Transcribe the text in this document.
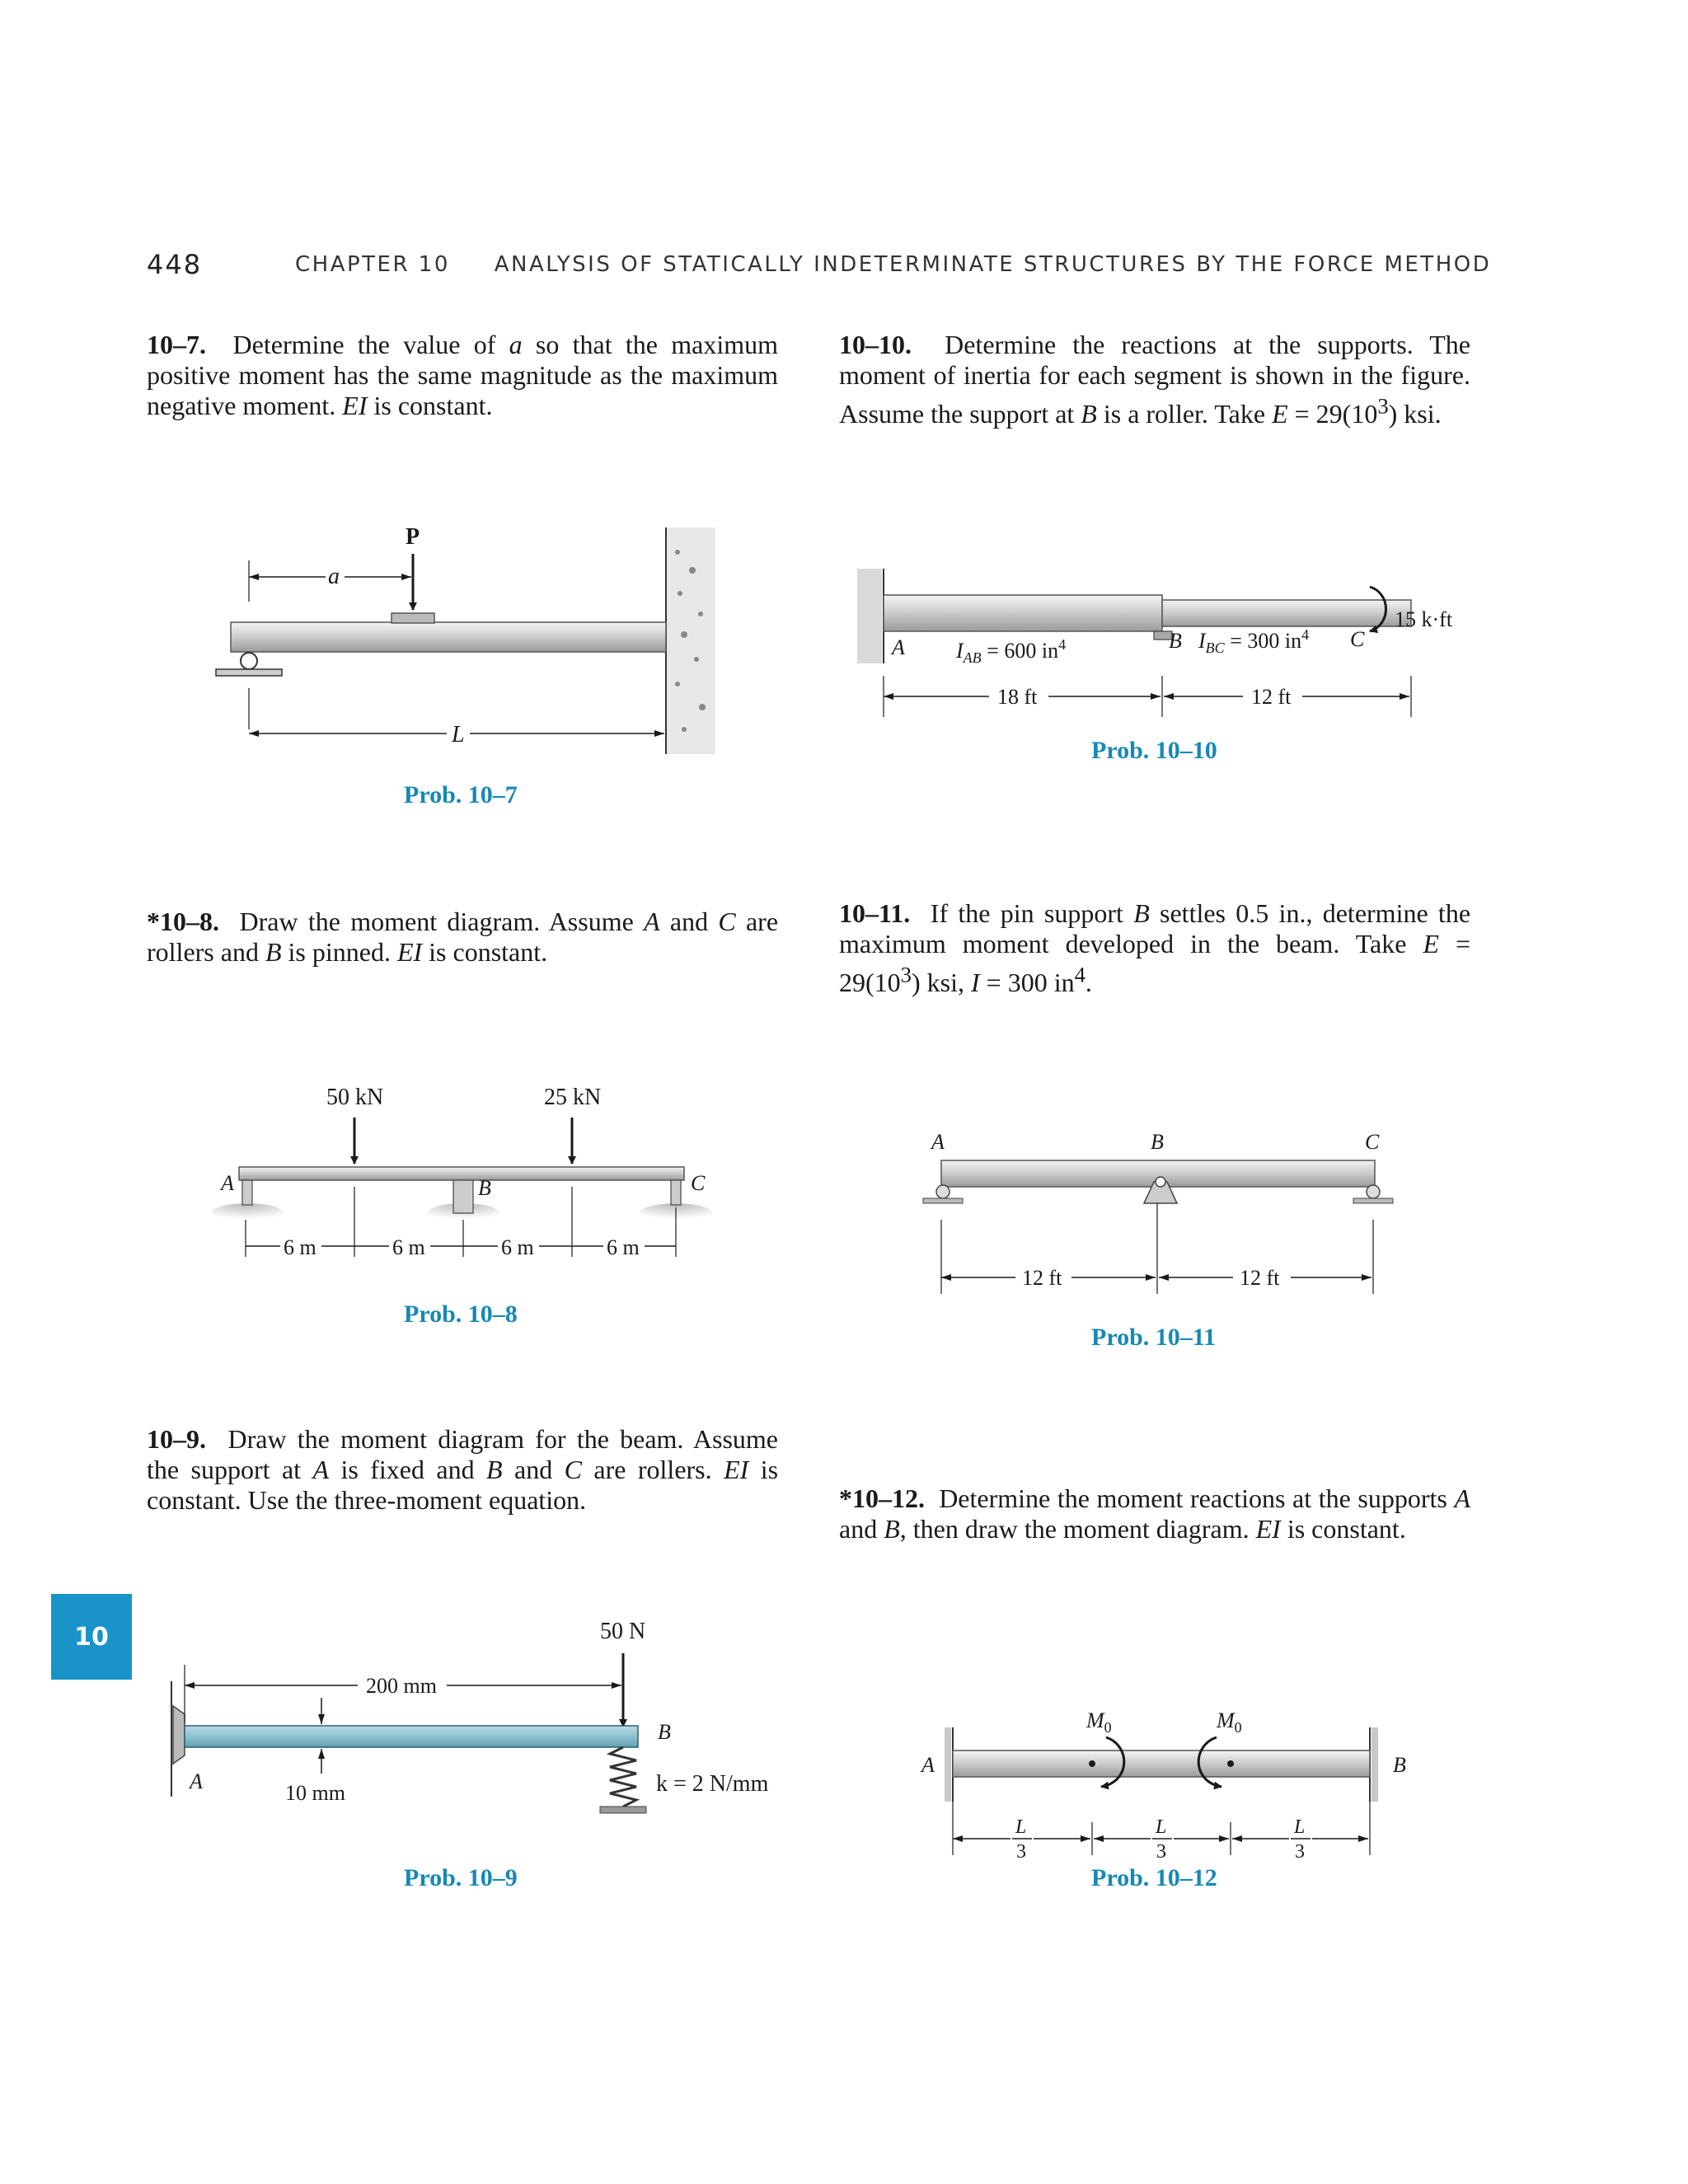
448	CHAPTER 10 ANALYSIS OF STATICALLY INDETERMINATE STRUCTURES BY THE FORCE METHOD
10
10–7. Determine the value of a so that the maximum positive moment has the same magnitude as the maximum negative moment. EI is constant.
10–10. Determine the reactions at the supports. The moment of inertia for each segment is shown in the figure. Assume the support at B is a roller. Take $E = 29(10^3)$ ksi.
*10–8. Draw the moment diagram. Assume A and C are rollers and B is pinned. EI is constant.
10–11. If the pin support B settles 0.5 in., determine the maximum moment developed in the beam. Take $E = 29(10^3)$ ksi, I = 300 $in^4$.
10–9. Draw the moment diagram for the beam. Assume the support at A is fixed and B and C are rollers. EI is constant. Use the three-moment equation.	*10–12. Determine the moment reactions at the supports A and B, then draw the moment diagram. EI is constant.
Prob. 10–7
Prob. 10–10
Prob. 10–8
Prob. 10–11
Prob. 10–9	Prob. 10–12
P
a
L
A	B	C
$I_{AB} = 600$ $in^4$	$I_{BC} = 300$ $in^4$
15 k·ft
18 ft	12 ft
50 kN	25 kN
A	B	C
6 m	6 m	6 m	6 m
A	B	C
12 ft	12 ft
50 N
A
B
k = 2 N/mm
200 mm
10 mm
A	B
$M_0$	$M_0$
L
3
L
3
L
3
